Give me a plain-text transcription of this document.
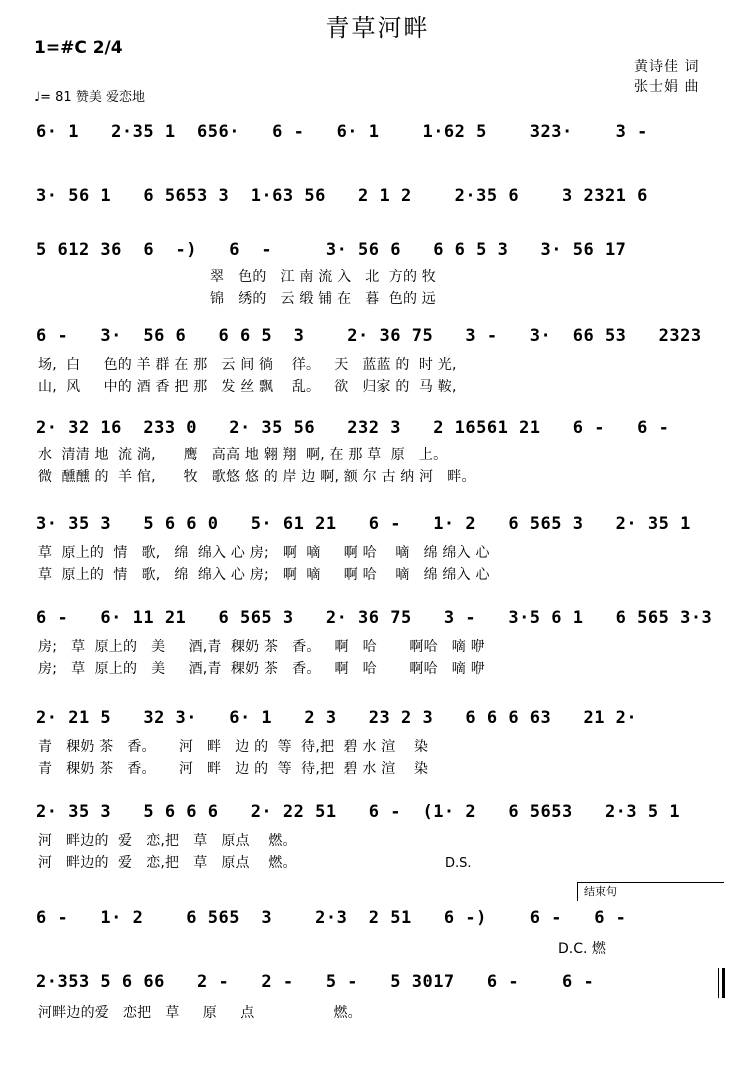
青草河畔
1=#C 2/4
♩= 81 赞美 爱恋地
黄诗佳 词
张士娟 曲
6· 1   2·35 1  656·   6 -   6· 1    1·62 5    323·    3 -
3· 56 1   6 5653 3  1·63 56   2 1 2    2·35 6    3 2321 6
5 612 36  6  -)   6  -     3· 56 6   6 6 5 3   3· 56 17
翠   色的   江 南 流 入   北  方的 牧
锦   绣的   云 缎 铺 在   暮  色的 远
6 -   3·  56 6   6 6 5  3    2· 36 75   3 -   3·  66 53   2323
场,  白     色的 羊 群 在 那   云 间 徜    徉。   天   蓝蓝 的  时 光,
山,  风     中的 酒 香 把 那   发 丝 飘    乱。   欲   归家 的  马 鞍,
2· 32 16  233 0   2· 35 56   232 3   2 16561 21   6 -   6 -
水  清清 地  流 淌,      鹰   高高 地 翱 翔  啊, 在 那 草  原   上。
微  醺醺 的  羊 倌,      牧   歌悠 悠 的 岸 边 啊, 额 尔 古 纳 河   畔。
3· 35 3   5 6 6 0   5· 61 21   6 -   1· 2   6 565 3   2· 35 1
草  原上的  情   歌,   绵  绵入 心 房;   啊  嘀     啊 哈    嘀   绵 绵入 心
草  原上的  情   歌,   绵  绵入 心 房;   啊  嘀     啊 哈    嘀   绵 绵入 心
6 -   6· 11 21   6 565 3   2· 36 75   3 -   3·5 6 1   6 565 3·3
房;   草  原上的   美     酒,青  稞奶 茶   香。   啊   哈       啊哈   嘀 咿
房;   草  原上的   美     酒,青  稞奶 茶   香。   啊   哈       啊哈   嘀 咿
2· 21 5   32 3·   6· 1   2 3   23 2 3   6 6 6 63   21 2·
青   稞奶 茶   香。     河   畔   边 的  等  待,把  碧 水 渲    染
青   稞奶 茶   香。     河   畔   边 的  等  待,把  碧 水 渲    染
2· 35 3   5 6 6 6   2· 22 51   6 -  (1· 2   6 5653   2·3 5 1
河   畔边的  爱   恋,把   草   原点    燃。
河   畔边的  爱   恋,把   草   原点    燃。	D.S.
结束句
6 -   1· 2    6 565  3    2·3  2 51   6 -)    6 -   6 -
D.C. 燃
2·353 5 6 66   2 -   2 -   5 -   5 3017   6 -    6 -
河畔边的爱   恋把   草     原     点                 燃。
